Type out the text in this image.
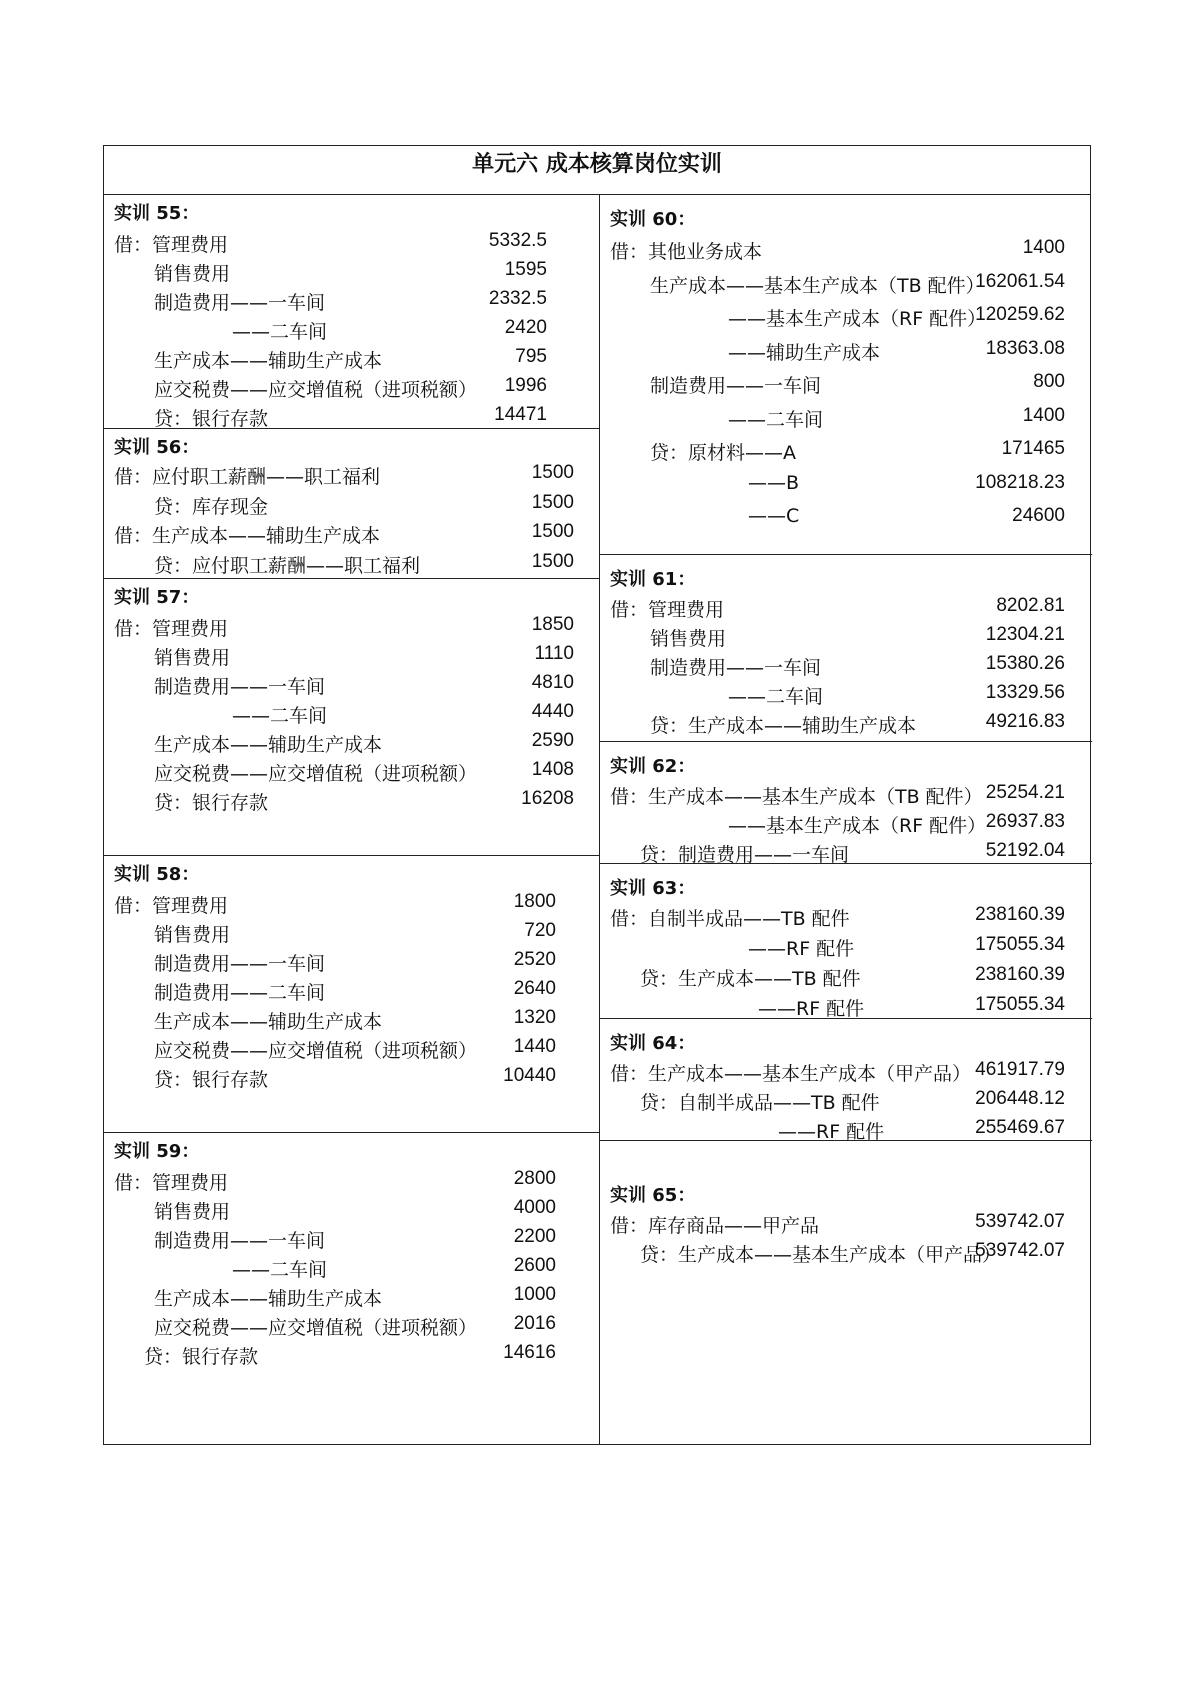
单元六 成本核算岗位实训
实训 55：
借：管理费用	5332.5
销售费用	1595
制造费用——一车间	2332.5
——二车间	2420
生产成本——辅助生产成本	795
应交税费——应交增值税（进项税额） 1996
贷：银行存款	14471
实训 56：
借：应付职工薪酬——职工福利	1500
贷：库存现金	1500
借：生产成本——辅助生产成本	1500
贷：应付职工薪酬——职工福利	1500
实训 57：
借：管理费用	1850
销售费用	1110
制造费用——一车间	4810
——二车间	4440
生产成本——辅助生产成本	2590
应交税费——应交增值税（进项税额）	1408
贷：银行存款	16208
实训 58：
借：管理费用	1800
销售费用	720
制造费用——一车间	2520
制造费用——二车间	2640
生产成本——辅助生产成本	1320
应交税费——应交增值税（进项税额） 1440
贷：银行存款	10440
实训 59：
借：管理费用	2800
销售费用	4000
制造费用——一车间	2200
——二车间	2600
生产成本——辅助生产成本	1000
应交税费——应交增值税（进项税额） 2016
贷：银行存款	14616
实训 60：
借：其他业务成本	1400
生产成本——基本生产成本（TB 配件）
162061.54
——基本生产成本（RF 配件）
120259.62
——辅助生产成本	18363.08
制造费用——一车间	800
——二车间	1400
贷：原材料——A	171465
——B	108218.23
——C	24600
实训 61：
借：管理费用	8202.81
销售费用	12304.21
制造费用——一车间	15380.26
——二车间	13329.56
贷：生产成本——辅助生产成本	49216.83
实训 62：
借：生产成本——基本生产成本（TB 配件） 25254.21
——基本生产成本（RF 配件） 26937.83
贷：制造费用——一车间	52192.04
实训 63：
借：自制半成品——TB 配件	238160.39
——RF 配件	175055.34
贷：生产成本——TB 配件	238160.39
——RF 配件	175055.34
实训 64：
借：生产成本——基本生产成本（甲产品） 461917.79
贷：自制半成品——TB 配件	206448.12
——RF 配件	255469.67
实训 65：
借：库存商品——甲产品	539742.07
贷：生产成本——基本生产成本（甲产品）
539742.07
